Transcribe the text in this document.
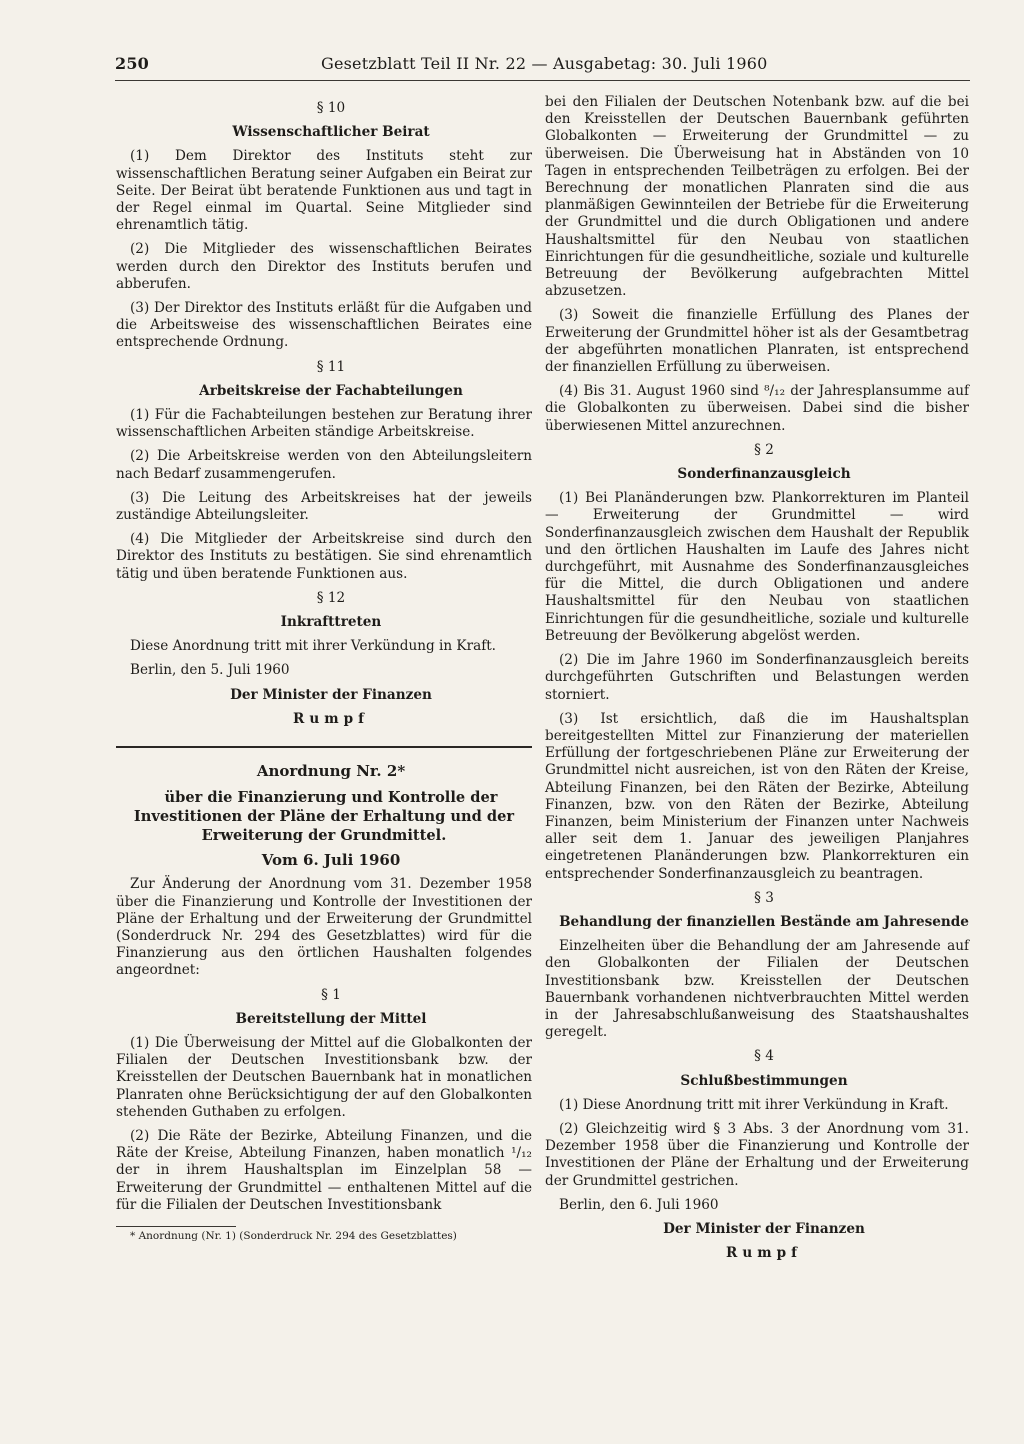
250	Gesetzblatt Teil II Nr. 22 — Ausgabetag: 30. Juli 1960

§ 10

Wissenschaftlicher Beirat

(1) Dem Direktor des Instituts steht zur wissenschaftlichen Beratung seiner Aufgaben ein Beirat zur Seite. Der Beirat übt beratende Funktionen aus und tagt in der Regel einmal im Quartal. Seine Mitglieder sind ehrenamtlich tätig.

(2) Die Mitglieder des wissenschaftlichen Beirates werden durch den Direktor des Instituts berufen und abberufen.

(3) Der Direktor des Instituts erläßt für die Aufgaben und die Arbeitsweise des wissenschaftlichen Beirates eine entsprechende Ordnung.

§ 11

Arbeitskreise der Fachabteilungen

(1) Für die Fachabteilungen bestehen zur Beratung ihrer wissenschaftlichen Arbeiten ständige Arbeitskreise.

(2) Die Arbeitskreise werden von den Abteilungsleitern nach Bedarf zusammengerufen.

(3) Die Leitung des Arbeitskreises hat der jeweils zuständige Abteilungsleiter.

(4) Die Mitglieder der Arbeitskreise sind durch den Direktor des Instituts zu bestätigen. Sie sind ehrenamtlich tätig und üben beratende Funktionen aus.

§ 12

Inkrafttreten

Diese Anordnung tritt mit ihrer Verkündung in Kraft.

Berlin, den 5. Juli 1960

Der Minister der Finanzen

Rumpf

Anordnung Nr. 2*

über die Finanzierung und Kontrolle der Investitionen der Pläne der Erhaltung und der Erweiterung der Grundmittel.

Vom 6. Juli 1960

Zur Änderung der Anordnung vom 31. Dezember 1958 über die Finanzierung und Kontrolle der Investitionen der Pläne der Erhaltung und der Erweiterung der Grundmittel (Sonderdruck Nr. 294 des Gesetzblattes) wird für die Finanzierung aus den örtlichen Haushalten folgendes angeordnet:

§ 1

Bereitstellung der Mittel

(1) Die Überweisung der Mittel auf die Globalkonten der Filialen der Deutschen Investitionsbank bzw. der Kreisstellen der Deutschen Bauernbank hat in monatlichen Planraten ohne Berücksichtigung der auf den Globalkonten stehenden Guthaben zu erfolgen.

(2) Die Räte der Bezirke, Abteilung Finanzen, und die Räte der Kreise, Abteilung Finanzen, haben monatlich ¹/₁₂ der in ihrem Haushaltsplan im Einzelplan 58 — Erweiterung der Grundmittel — enthaltenen Mittel auf die für die Filialen der Deutschen Investitionsbank

* Anordnung (Nr. 1) (Sonderdruck Nr. 294 des Gesetzblattes)

bei den Filialen der Deutschen Notenbank bzw. auf die bei den Kreisstellen der Deutschen Bauernbank geführten Globalkonten — Erweiterung der Grundmittel — zu überweisen. Die Überweisung hat in Abständen von 10 Tagen in entsprechenden Teilbeträgen zu erfolgen. Bei der Berechnung der monatlichen Planraten sind die aus planmäßigen Gewinnteilen der Betriebe für die Erweiterung der Grundmittel und die durch Obligationen und andere Haushaltsmittel für den Neubau von staatlichen Einrichtungen für die gesundheitliche, soziale und kulturelle Betreuung der Bevölkerung aufgebrachten Mittel abzusetzen.

(3) Soweit die finanzielle Erfüllung des Planes der Erweiterung der Grundmittel höher ist als der Gesamtbetrag der abgeführten monatlichen Planraten, ist entsprechend der finanziellen Erfüllung zu überweisen.

(4) Bis 31. August 1960 sind ⁸/₁₂ der Jahresplansumme auf die Globalkonten zu überweisen. Dabei sind die bisher überwiesenen Mittel anzurechnen.

§ 2

Sonderfinanzausgleich

(1) Bei Planänderungen bzw. Plankorrekturen im Planteil — Erweiterung der Grundmittel — wird Sonderfinanzausgleich zwischen dem Haushalt der Republik und den örtlichen Haushalten im Laufe des Jahres nicht durchgeführt, mit Ausnahme des Sonderfinanzausgleiches für die Mittel, die durch Obligationen und andere Haushaltsmittel für den Neubau von staatlichen Einrichtungen für die gesundheitliche, soziale und kulturelle Betreuung der Bevölkerung abgelöst werden.

(2) Die im Jahre 1960 im Sonderfinanzausgleich bereits durchgeführten Gutschriften und Belastungen werden storniert.

(3) Ist ersichtlich, daß die im Haushaltsplan bereitgestellten Mittel zur Finanzierung der materiellen Erfüllung der fortgeschriebenen Pläne zur Erweiterung der Grundmittel nicht ausreichen, ist von den Räten der Kreise, Abteilung Finanzen, bei den Räten der Bezirke, Abteilung Finanzen, bzw. von den Räten der Bezirke, Abteilung Finanzen, beim Ministerium der Finanzen unter Nachweis aller seit dem 1. Januar des jeweiligen Planjahres eingetretenen Planänderungen bzw. Plankorrekturen ein entsprechender Sonderfinanzausgleich zu beantragen.

§ 3

Behandlung der finanziellen Bestände am Jahresende

Einzelheiten über die Behandlung der am Jahresende auf den Globalkonten der Filialen der Deutschen Investitionsbank bzw. Kreisstellen der Deutschen Bauernbank vorhandenen nichtverbrauchten Mittel werden in der Jahresabschlußanweisung des Staatshaushaltes geregelt.

§ 4

Schlußbestimmungen

(1) Diese Anordnung tritt mit ihrer Verkündung in Kraft.

(2) Gleichzeitig wird § 3 Abs. 3 der Anordnung vom 31. Dezember 1958 über die Finanzierung und Kontrolle der Investitionen der Pläne der Erhaltung und der Erweiterung der Grundmittel gestrichen.

Berlin, den 6. Juli 1960

Der Minister der Finanzen

Rumpf
